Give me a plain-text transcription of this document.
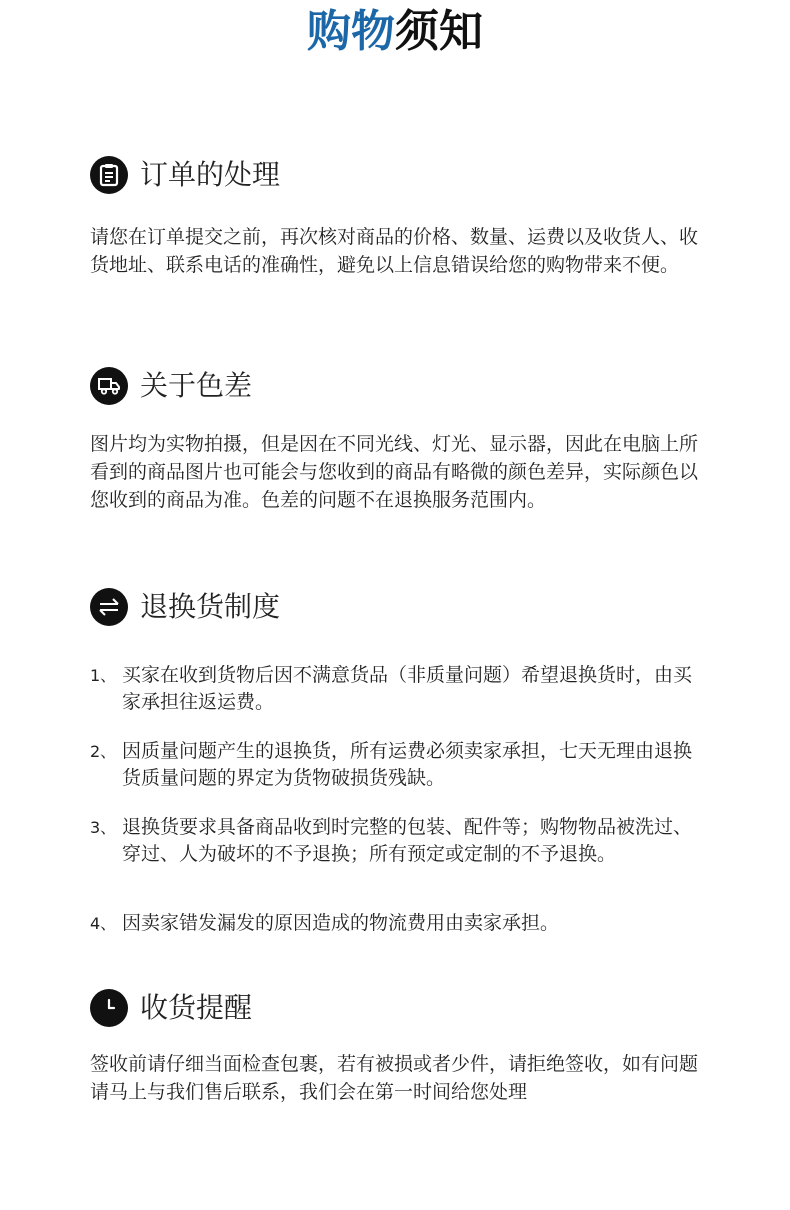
购物须知
订单的处理

请您在订单提交之前，再次核对商品的价格、数量、运费以及收货人、收货地址、联系电话的准确性，避免以上信息错误给您的购物带来不便。

关于色差

图片均为实物拍摄，但是因在不同光线、灯光、显示器，因此在电脑上所看到的商品图片也可能会与您收到的商品有略微的颜色差异，实际颜色以您收到的商品为准。色差的问题不在退换服务范围内。

退换货制度
1、 买家在收到货物后因不满意货品（非质量问题）希望退换货时，由买家承担往返运费。
2、 因质量问题产生的退换货，所有运费必须卖家承担，七天无理由退换货质量问题的界定为货物破损货残缺。
3、 退换货要求具备商品收到时完整的包装、配件等；购物物品被洗过、穿过、人为破坏的不予退换；所有预定或定制的不予退换。
4、 因卖家错发漏发的原因造成的物流费用由卖家承担。
收货提醒

签收前请仔细当面检查包裹，若有被损或者少件，请拒绝签收，如有问题请马上与我们售后联系，我们会在第一时间给您处理
